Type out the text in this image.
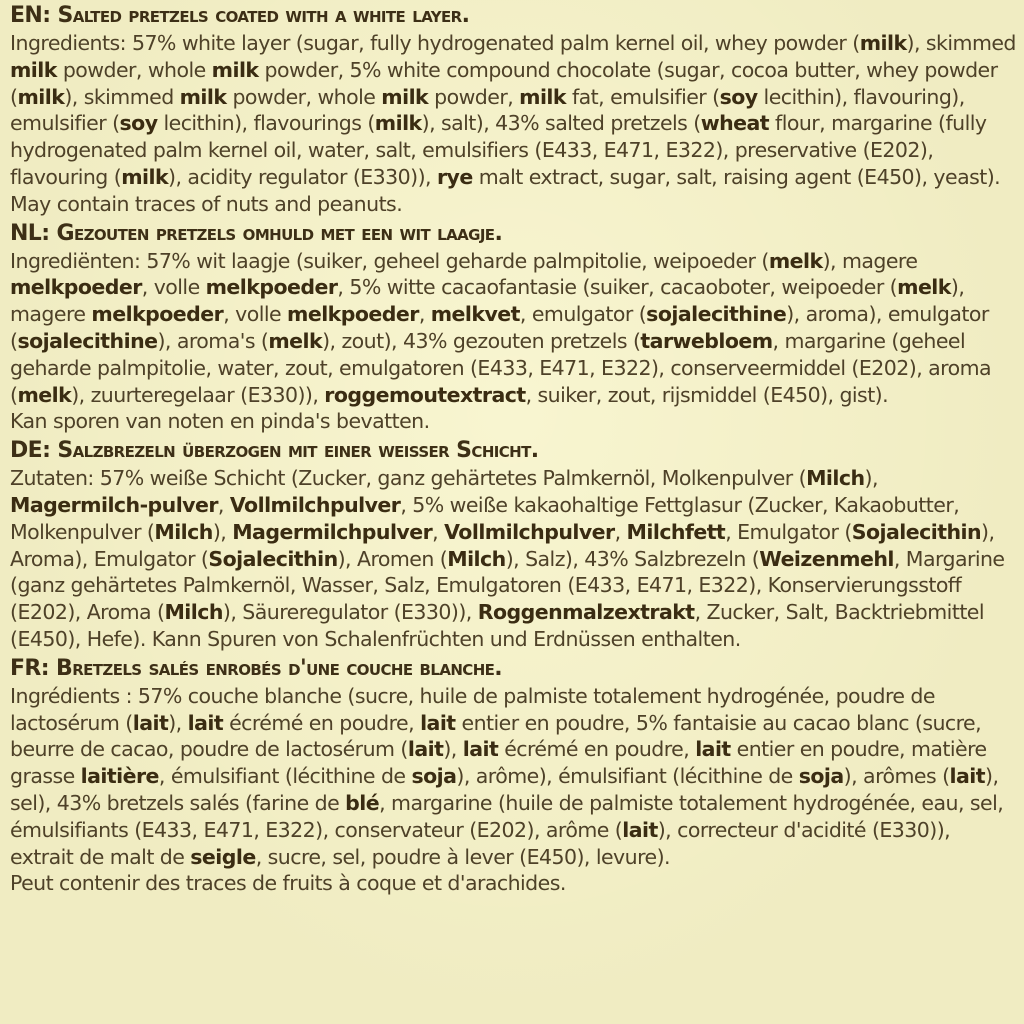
EN: Salted pretzels coated with a white layer.
Ingredients: 57% white layer (sugar, fully hydrogenated palm kernel oil, whey powder (milk), skimmed milk powder, whole milk powder, 5% white compound chocolate (sugar, cocoa butter, whey powder (milk), skimmed milk powder, whole milk powder, milk fat, emulsifier (soy lecithin), flavouring), emulsifier (soy lecithin), flavourings (milk), salt), 43% salted pretzels (wheat flour, margarine (fully hydrogenated palm kernel oil, water, salt, emulsifiers (E433, E471, E322), preservative (E202), flavouring (milk), acidity regulator (E330)), rye malt extract, sugar, salt, raising agent (E450), yeast). May contain traces of nuts and peanuts.
NL: Gezouten pretzels omhuld met een wit laagje.
Ingrediënten: 57% wit laagje (suiker, geheel geharde palmpitolie, weipoeder (melk), magere melkpoeder, volle melkpoeder, 5% witte cacaofantasie (suiker, cacaoboter, weipoeder (melk), magere melkpoeder, volle melkpoeder, melkvet, emulgator (sojalecithine), aroma), emulgator (sojalecithine), aroma's (melk), zout), 43% gezouten pretzels (tarwebloem, margarine (geheel geharde palmpitolie, water, zout, emulgatoren (E433, E471, E322), conserveermiddel (E202), aroma (melk), zuurteregelaar (E330)), roggemoutextract, suiker, zout, rijsmiddel (E450), gist).
Kan sporen van noten en pinda's bevatten.
DE: Salzbrezeln überzogen mit einer weisser Schicht.
Zutaten: 57% weiße Schicht (Zucker, ganz gehärtetes Palmkernöl, Molkenpulver (Milch), Magermilch-pulver, Vollmilchpulver, 5% weiße kakaohaltige Fettglasur (Zucker, Kakaobutter, Molkenpulver (Milch), Magermilchpulver, Vollmilchpulver, Milchfett, Emulgator (Sojalecithin), Aroma), Emulgator (Sojalecithin), Aromen (Milch), Salz), 43% Salzbrezeln (Weizenmehl, Margarine (ganz gehärtetes Palmkernöl, Wasser, Salz, Emulgatoren (E433, E471, E322), Konservierungsstoff (E202), Aroma (Milch), Säureregulator (E330)), Roggenmalzextrakt, Zucker, Salt, Backtriebmittel (E450), Hefe). Kann Spuren von Schalenfrüchten und Erdnüssen enthalten.
FR: Bretzels salés enrobés d'une couche blanche.
Ingrédients : 57% couche blanche (sucre, huile de palmiste totalement hydrogénée, poudre de lactosérum (lait), lait écrémé en poudre, lait entier en poudre, 5% fantaisie au cacao blanc (sucre, beurre de cacao, poudre de lactosérum (lait), lait écrémé en poudre, lait entier en poudre, matière grasse laitière, émulsifiant (lécithine de soja), arôme), émulsifiant (lécithine de soja), arômes (lait), sel), 43% bretzels salés (farine de blé, margarine (huile de palmiste totalement hydrogénée, eau, sel, émulsifiants (E433, E471, E322), conservateur (E202), arôme (lait), correcteur d'acidité (E330)), extrait de malt de seigle, sucre, sel, poudre à lever (E450), levure).
Peut contenir des traces de fruits à coque et d'arachides.
